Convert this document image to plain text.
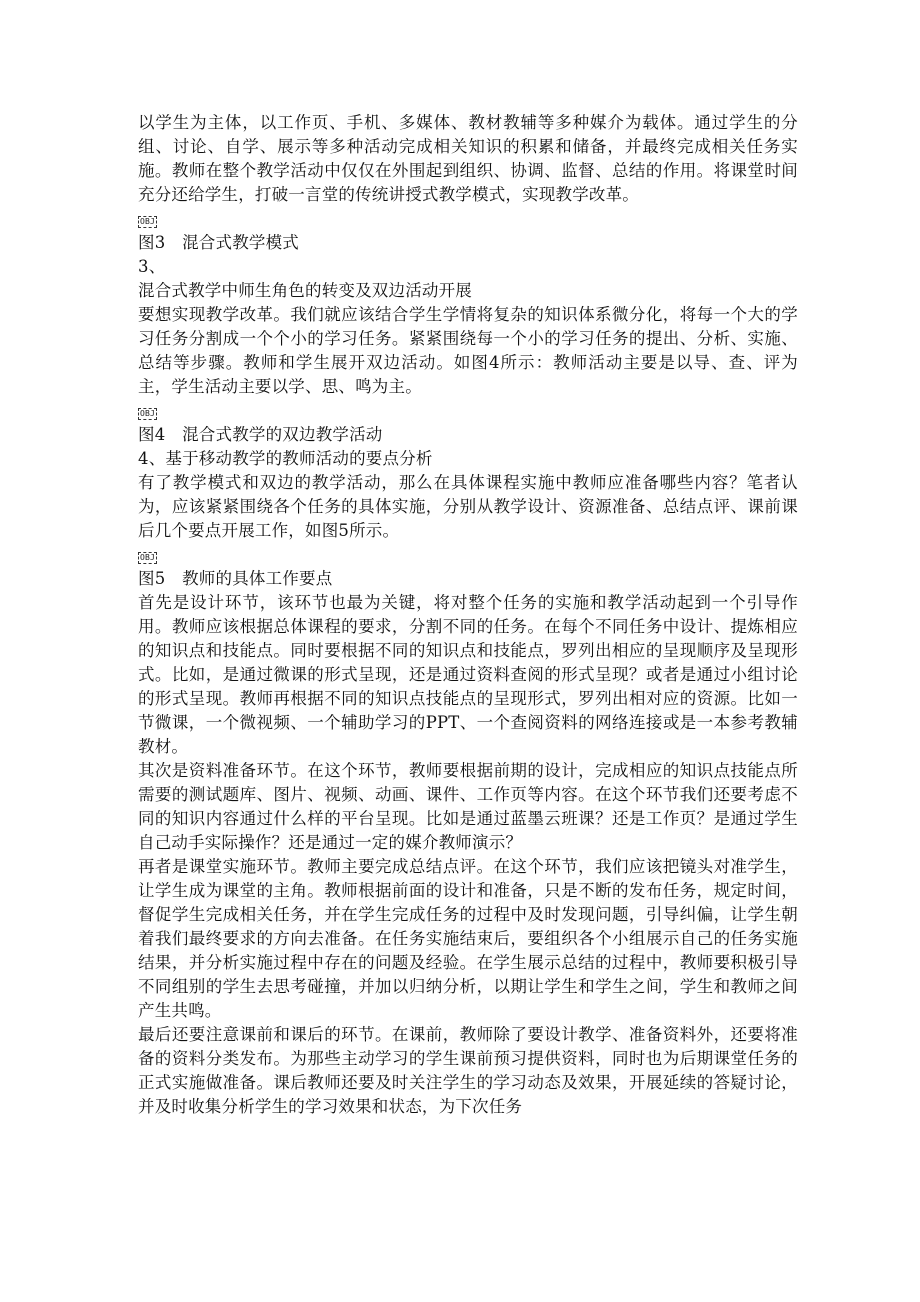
以学生为主体，以工作页、手机、多媒体、教材教辅等多种媒介为载体。通过学生的分组、讨论、自学、展示等多种活动完成相关知识的积累和储备，并最终完成相关任务实施。教师在整个教学活动中仅仅在外围起到组织、协调、监督、总结的作用。将课堂时间充分还给学生，打破一言堂的传统讲授式教学模式，实现教学改革。

OBJ

图3　混合式教学模式

3、

混合式教学中师生角色的转变及双边活动开展

要想实现教学改革。我们就应该结合学生学情将复杂的知识体系微分化，将每一个大的学习任务分割成一个个小的学习任务。紧紧围绕每一个小的学习任务的提出、分析、实施、总结等步骤。教师和学生展开双边活动。如图4所示：教师活动主要是以导、查、评为主，学生活动主要以学、思、鸣为主。

OBJ

图4　混合式教学的双边教学活动

4、基于移动教学的教师活动的要点分析

有了教学模式和双边的教学活动，那么在具体课程实施中教师应准备哪些内容？笔者认为，应该紧紧围绕各个任务的具体实施，分别从教学设计、资源准备、总结点评、课前课后几个要点开展工作，如图5所示。

OBJ

图5　教师的具体工作要点

首先是设计环节，该环节也最为关键，将对整个任务的实施和教学活动起到一个引导作用。教师应该根据总体课程的要求，分割不同的任务。在每个不同任务中设计、提炼相应的知识点和技能点。同时要根据不同的知识点和技能点，罗列出相应的呈现顺序及呈现形式。比如，是通过微课的形式呈现，还是通过资料查阅的形式呈现？或者是通过小组讨论的形式呈现。教师再根据不同的知识点技能点的呈现形式，罗列出相对应的资源。比如一节微课，一个微视频、一个辅助学习的PPT、一个查阅资料的网络连接或是一本参考教辅教材。

其次是资料准备环节。在这个环节，教师要根据前期的设计，完成相应的知识点技能点所需要的测试题库、图片、视频、动画、课件、工作页等内容。在这个环节我们还要考虑不同的知识内容通过什么样的平台呈现。比如是通过蓝墨云班课？还是工作页？是通过学生自己动手实际操作？还是通过一定的媒介教师演示？

再者是课堂实施环节。教师主要完成总结点评。在这个环节，我们应该把镜头对准学生，让学生成为课堂的主角。教师根据前面的设计和准备，只是不断的发布任务，规定时间，督促学生完成相关任务，并在学生完成任务的过程中及时发现问题，引导纠偏，让学生朝着我们最终要求的方向去准备。在任务实施结束后，要组织各个小组展示自己的任务实施结果，并分析实施过程中存在的问题及经验。在学生展示总结的过程中，教师要积极引导不同组别的学生去思考碰撞，并加以归纳分析，以期让学生和学生之间，学生和教师之间产生共鸣。

最后还要注意课前和课后的环节。在课前，教师除了要设计教学、准备资料外，还要将准备的资料分类发布。为那些主动学习的学生课前预习提供资料，同时也为后期课堂任务的正式实施做准备。课后教师还要及时关注学生的学习动态及效果，开展延续的答疑讨论，并及时收集分析学生的学习效果和状态，为下次任务
